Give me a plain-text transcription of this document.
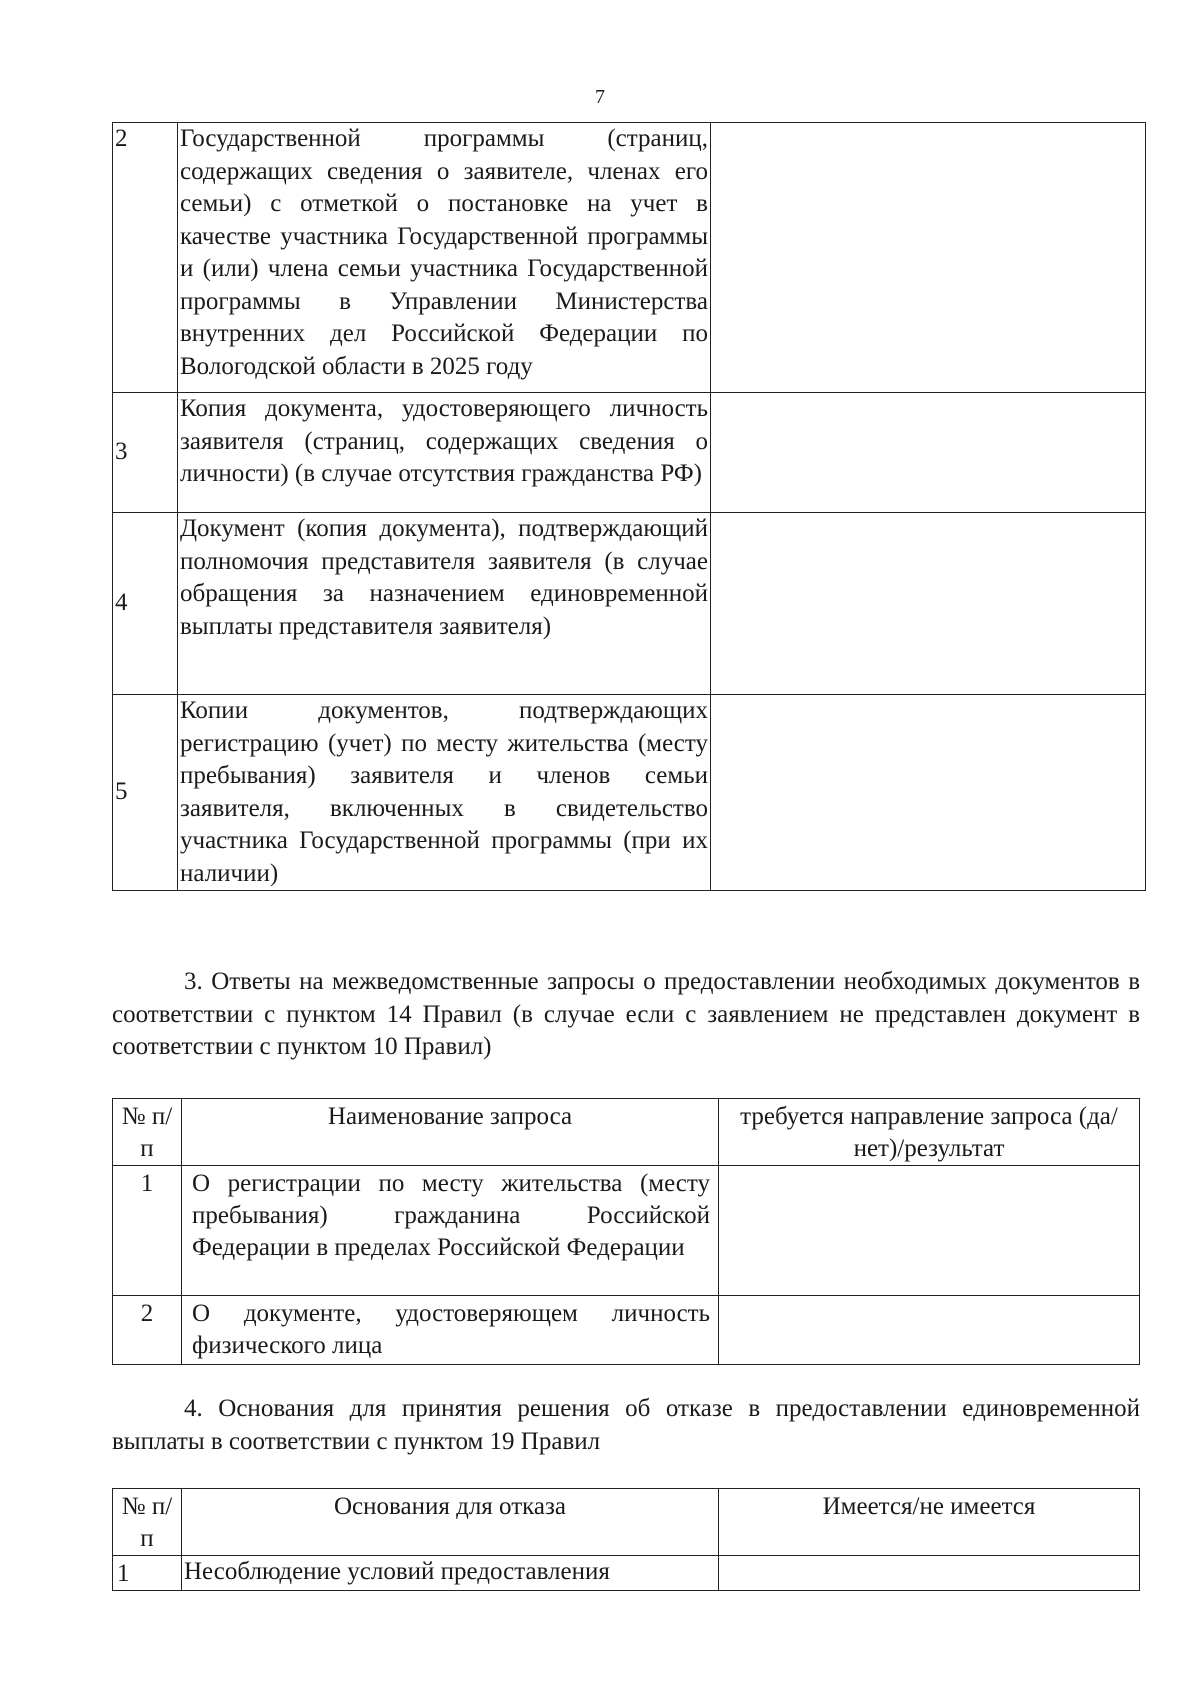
7
2	Государственной программы (страниц, содержащих сведения о заявителе, членах его семьи) с отметкой о постановке на учет в качестве участника Государственной программы и (или) члена семьи участника Государственной программы в Управлении Министерства внутренних дел Российской Федерации по Вологодской области в 2025 году	
3	Копия документа, удостоверяющего личность заявителя (страниц, содержащих сведения о личности) (в случае отсутствия гражданства РФ)	
4	Документ (копия документа), подтверждающий полномочия представителя заявителя (в случае обращения за назначением единовременной выплаты представителя заявителя)	
5	Копии документов, подтверждающих регистрацию (учет) по месту жительства (месту пребывания) заявителя и членов семьи заявителя, включенных в свидетельство участника Государственной программы (при их наличии)	

3. Ответы на межведомственные запросы о предоставлении необходимых документов в соответствии с пунктом 14 Правил (в случае если с заявлением не представлен документ в соответствии с пунктом 10 Правил)

№ п/п	Наименование запроса	требуется направление запроса (да/нет)/результат
1	О регистрации по месту жительства (месту пребывания) гражданина Российской Федерации в пределах Российской Федерации	
2	О документе, удостоверяющем личность физического лица	

4. Основания для принятия решения об отказе в предоставлении единовременной выплаты в соответствии с пунктом 19 Правил

№ п/п	Основания для отказа	Имеется/не имеется
1	Несоблюдение условий предоставления	
